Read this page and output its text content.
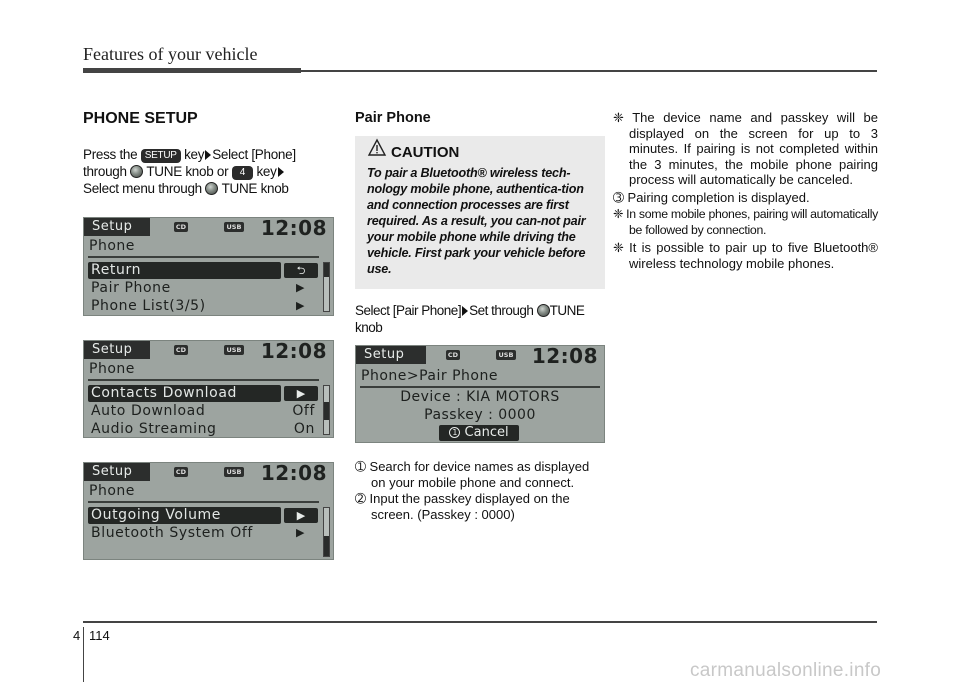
Features of your vehicle
PHONE SETUP
Press the SETUP key Select [Phone]
through TUNE knob or 4 key
Select menu through TUNE knob
Setup	CD	USB 12:08
Phone
Return	⮌
Pair Phone	▶
Phone List(3/5)	▶
Setup	CD	USB 12:08
Phone
Contacts Download	▶
Auto Download	Off
Audio Streaming	On
Setup	CD	USB 12:08
Phone
Outgoing Volume	▶
Bluetooth System Off	▶
Pair Phone
CAUTION
To pair a Bluetooth® wireless tech-nology mobile phone, authentica-tion and connection processes are first required. As a result, you can-not pair your mobile phone while driving the vehicle. First park your vehicle before use.
Select [Pair Phone] Set through TUNE knob
Setup	CD	USB 12:08
Phone>Pair Phone
Device : KIA MOTORS
Passkey : 0000
1 Cancel
➀ Search for device names as displayed on your mobile phone and connect.
➁ Input the passkey displayed on the screen. (Passkey : 0000)
❈ The device name and passkey will be displayed on the screen for up to 3 minutes. If pairing is not completed within the 3 minutes, the mobile phone pairing process will automatically be canceled.
➂ Pairing completion is displayed.
❈ In some mobile phones, pairing will automatically be followed by connection.
❈ It is possible to pair up to five Bluetooth® wireless technology mobile phones.
4 114
carmanualsonline.info
